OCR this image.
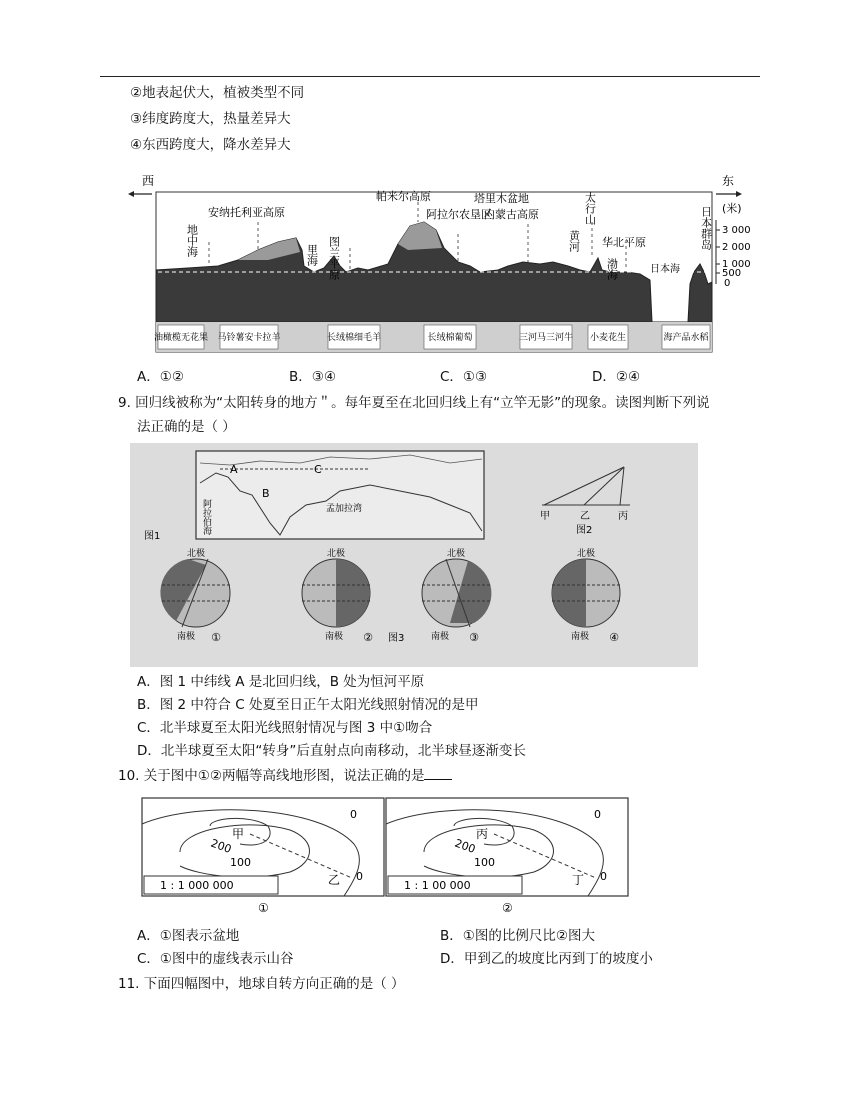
②地表起伏大，植被类型不同
③纬度跨度大，热量差异大
④东西跨度大，降水差异大
西	东
(米)
3 000
2 000
1 000
500
0
地中海
安纳托利亚高原
里海 图兰平原
帕米尔高原
阿拉尔农垦区
塔里木盆地
内蒙古高原	太行山
黄河 华北平原
渤海	日本海
日本群岛
油橄榄无花果 马铃薯安卡拉羊	长绒棉细毛羊	长绒棉葡萄	三河马三河牛 小麦花生	海产品水稻
A．①②	B．③④	C．①③	D．②④
9. 回归线被称为“太阳转身的地方＂。每年夏至在北回归线上有“立竿无影”的现象。读图判断下列说
法正确的是（ ）
A	C
B
阿拉伯海	孟加拉湾
图1
甲	乙	丙
图2
北极	北极	北极	北极
南极	南极	南极	南极
①	②	③	④
图3
A．图 1 中纬线 A 是北回归线，B 处为恒河平原
B．图 2 中符合 C 处夏至日正午太阳光线照射情况的是甲
C．北半球夏至太阳光线照射情况与图 3 中①吻合
D．北半球夏至太阳“转身”后直射点向南移动，北半球昼逐渐变长
10. 关于图中①②两幅等高线地形图，说法正确的是
0
0
200
100
甲
乙
1 : 1 000 000
①
0
0
200
100
丙
丁
1 : 1 00 000
②
A．①图表示盆地	B．①图的比例尺比②图大
C．①图中的虚线表示山谷	D．甲到乙的坡度比丙到丁的坡度小
11. 下面四幅图中，地球自转方向正确的是（ ）
